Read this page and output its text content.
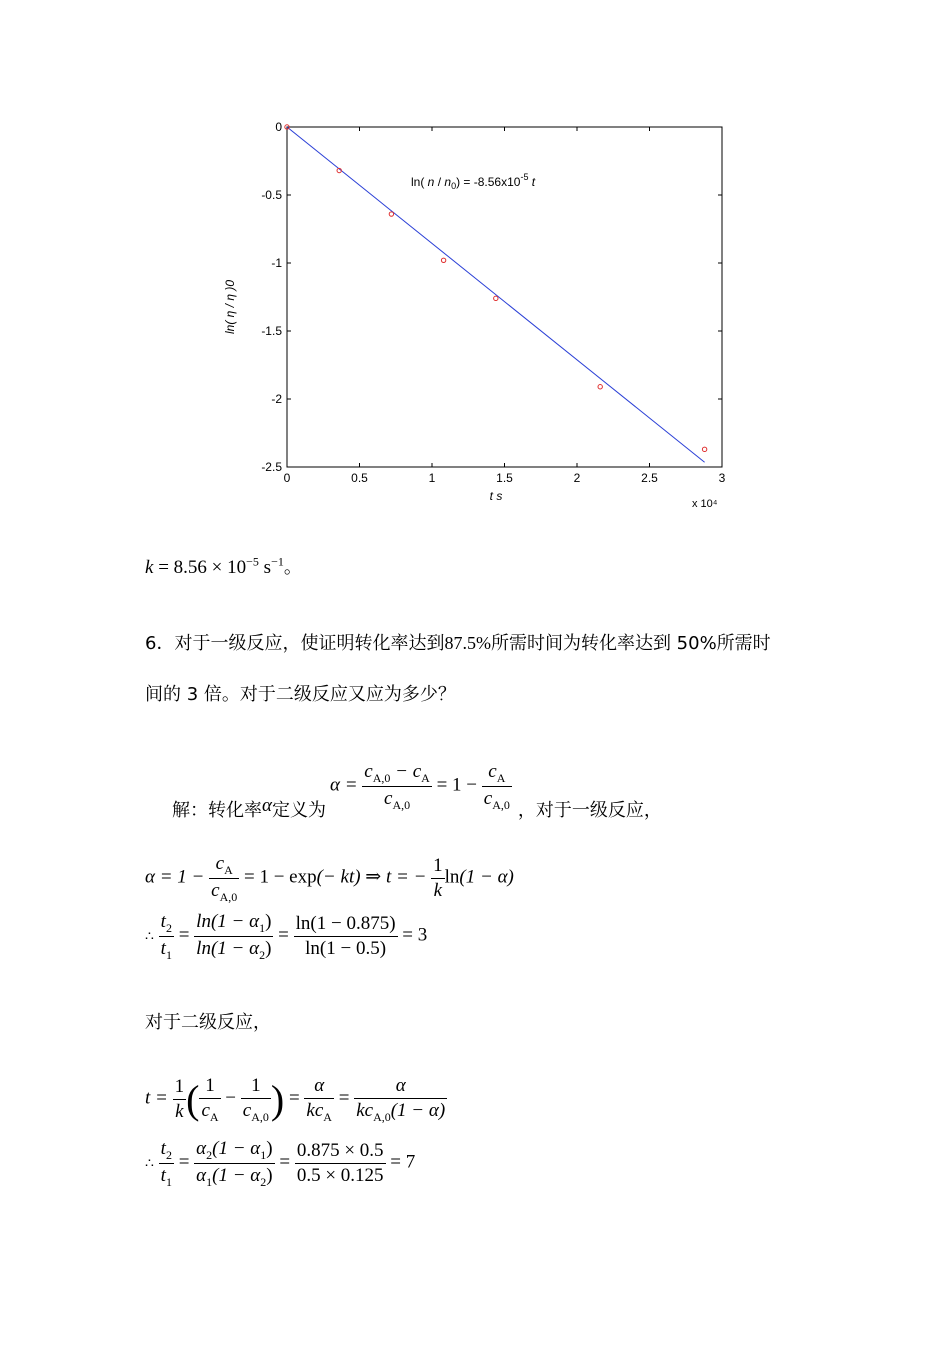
0	0.5	1	1.5	2	2.5	3
0
-0.5
-1
-1.5
-2
-2.5
ln( η / η )0
t s
x 10⁴
ln( $n / n_0) = -8.56x10^{-5}$ t
$k = 8.56 \times 10^{-5}$ $s^{-1}$。
6．对于一级反应，使证明转化率达到87.5%所需时间为转化率达到 50%所需时
间的 3 倍。对于二级反应又应为多少？
解：转化率 α 定义为
$\alpha = \frac{c_{A,0} - c_A}{c_{A,0}} = 1 - \frac{c_A}{c_{A,0}}$ ，对于一级反应，
$\alpha = 1 - \frac{c_A}{c_{A,0}} = 1 - \exp(- kt)$ ⇒ t = − $\frac{1}{k} \ln(1 - \alpha)$
∴ $\frac{t_2}{t_1} = \frac{\ln(1 - \alpha_1)}{\ln(1 - \alpha_2)} = \frac{\ln(1 - 0.875)}{\ln(1 - 0.5)} = 3$
对于二级反应，
$t = \frac{1}{k}$ ( $\frac{1}{c_A} - \frac{1}{c_{A,0}}$ ) = $\frac{\alpha}{kc_A} = \frac{\alpha}{kc_{A,0}(1 - \alpha)}$
∴ $\frac{t_2}{t_1} = \frac{\alpha_2(1 - \alpha_1)}{\alpha_1(1 - \alpha_2)} = \frac{0.875 \times 0.5}{0.5 \times 0.125} = 7$
